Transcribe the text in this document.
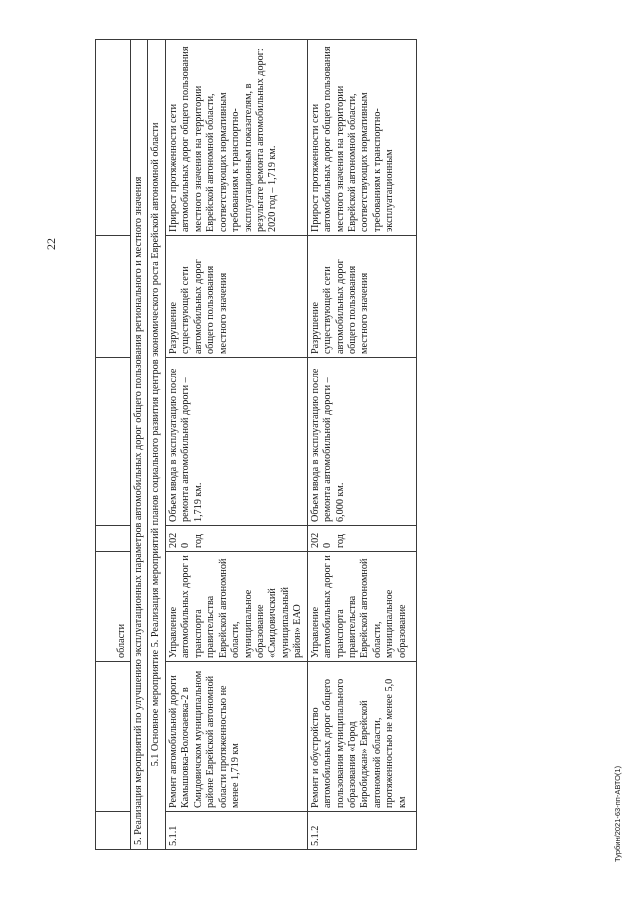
22
		области				
5. Реализация мероприятий по улучшению эксплуатационных параметров автомобильных дорог общего пользования регионального и местного значения						
5.1 Основное мероприятие 5. Реализация мероприятий планов социального развития центров экономического роста Еврейской автономной области						
5.1.1	Ремонт автомобильной дороги Камышовка-Волочаевка-2 в Смидовичском муниципальном районе Еврейской автономной области протяженностью не менее 1,719 км	Управление автомобильных дорог и транспорта правительства Еврейской автономной области, муниципальное образование «Смидовичский муниципальный район» ЕАО	2020 год	Объем ввода в эксплуатацию после ремонта автомобильной дороги – 1,719 км.	Разрушение существующей сети автомобильных дорог общего пользования местного значения	Прирост протяженности сети автомобильных дорог общего пользования местного значения на территории Еврейской автономной области, соответствующих нормативным требованиям к транспортно-эксплуатационным показателям, в результате ремонта автомобильных дорог: 2020 год – 1,719 км.
5.1.2	Ремонт и обустройство автомобильных дорог общего пользования муниципального образования «Город Биробиджан» Еврейской автономной области, протяженностью не менее 5,0 км	Управление автомобильных дорог и транспорта правительства Еврейской автономной области, муниципальное образование	2020 год	Объем ввода в эксплуатацию после ремонта автомобильной дороги – 6,000 км.	Разрушение существующей сети автомобильных дорог общего пользования местного значения	Прирост протяженности сети автомобильных дорог общего пользования местного значения на территории Еврейской автономной области, соответствующих нормативным требованиям к транспортно-эксплуатационным
Турбин/2021-63-пп-АВТО(1)
